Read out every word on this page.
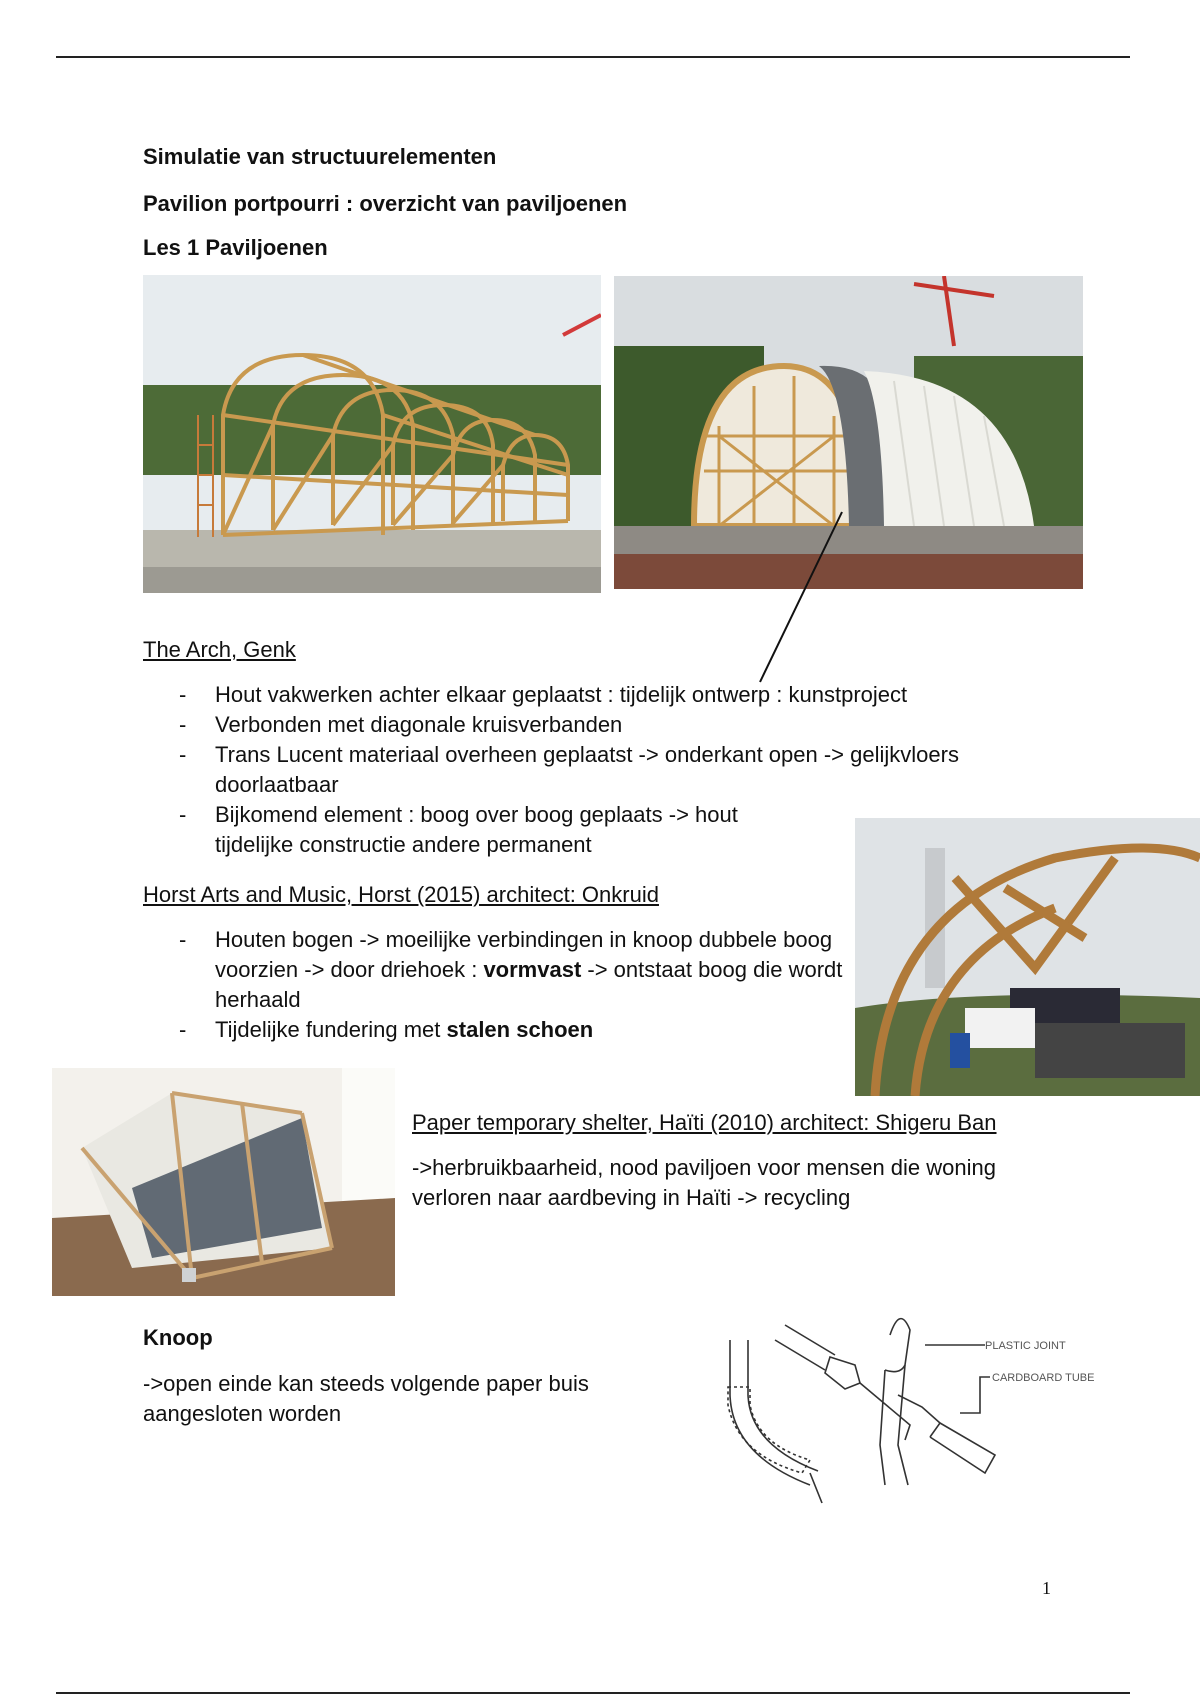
Simulatie van structuurelementen
Pavilion portpourri : overzicht van paviljoenen
Les 1 Paviljoenen
The Arch, Genk
- Hout vakwerken achter elkaar geplaatst : tijdelijk ontwerp : kunstproject
- Verbonden met diagonale kruisverbanden
- Trans Lucent materiaal overheen geplaatst -> onderkant open -> gelijkvloers doorlaatbaar
- Bijkomend element : boog over boog geplaats -> hout tijdelijke constructie andere permanent
Horst Arts and Music, Horst (2015) architect: Onkruid
- Houten bogen -> moeilijke verbindingen in knoop dubbele boog voorzien -> door driehoek : vormvast -> ontstaat boog die wordt herhaald
- Tijdelijke fundering met stalen schoen
Paper temporary shelter, Haïti (2010) architect: Shigeru Ban
->herbruikbaarheid, nood paviljoen voor mensen die woning verloren naar aardbeving in Haïti -> recycling
Knoop
->open einde kan steeds volgende paper buis aangesloten worden
PLASTIC JOINT
CARDBOARD TUBE
1
